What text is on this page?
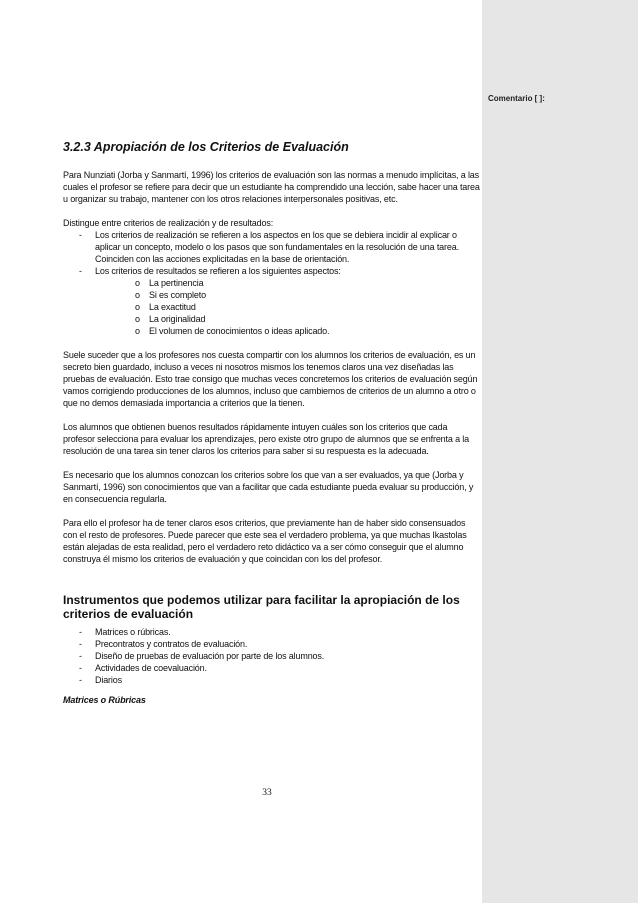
Comentario [ ]:
3.2.3 Apropiación de los Criterios de Evaluación

Para Nunziati (Jorba y Sanmartí, 1996) los criterios de evaluación son las normas a menudo implícitas, a las cuales el profesor se refiere para decir que un estudiante ha comprendido una lección, sabe hacer una tarea u organizar su trabajo, mantener con los otros relaciones interpersonales positivas, etc.

Distingue entre criterios de realización y de resultados:

- Los criterios de realización se refieren a los aspectos en los que se debiera incidir al explicar o aplicar un concepto, modelo o los pasos que son fundamentales en la resolución de una tarea. Coinciden con las acciones explicitadas en la base de orientación.
- Los criterios de resultados se refieren a los siguientes aspectos:
o La pertinencia
o Si es completo
o La exactitud
o La originalidad
o El volumen de conocimientos o ideas aplicado.

Suele suceder que a los profesores nos cuesta compartir con los alumnos los criterios de evaluación, es un secreto bien guardado, incluso a veces ni nosotros mismos los tenemos claros una vez diseñadas las pruebas de evaluación. Esto trae consigo que muchas veces concretemos los criterios de evaluación según vamos corrigiendo producciones de los alumnos, incluso que cambiemos de criterios de un alumno a otro o que no demos demasiada importancia a criterios que la tienen.

Los alumnos que obtienen buenos resultados rápidamente intuyen cuáles son los criterios que cada profesor selecciona para evaluar los aprendizajes, pero existe otro grupo de alumnos que se enfrenta a la resolución de una tarea sin tener claros los criterios para saber si su respuesta es la adecuada.

Es necesario que los alumnos conozcan los criterios sobre los que van a ser evaluados, ya que (Jorba y Sanmartí, 1996) son conocimientos que van a facilitar que cada estudiante pueda evaluar su producción, y en consecuencia regularla.

Para ello el profesor ha de tener claros esos criterios, que previamente han de haber sido consensuados con el resto de profesores. Puede parecer que este sea el verdadero problema, ya que muchas Ikastolas están alejadas de esta realidad, pero el verdadero reto didáctico va a ser cómo conseguir que el alumno construya él mismo los criterios de evaluación y que coincidan con los del profesor.

Instrumentos que podemos utilizar para facilitar la apropiación de los criterios de evaluación
- Matrices o rúbricas.
- Precontratos y contratos de evaluación.
- Diseño de pruebas de evaluación por parte de los alumnos.
- Actividades de coevaluación.
- Diarios
Matrices o Rúbricas
33
